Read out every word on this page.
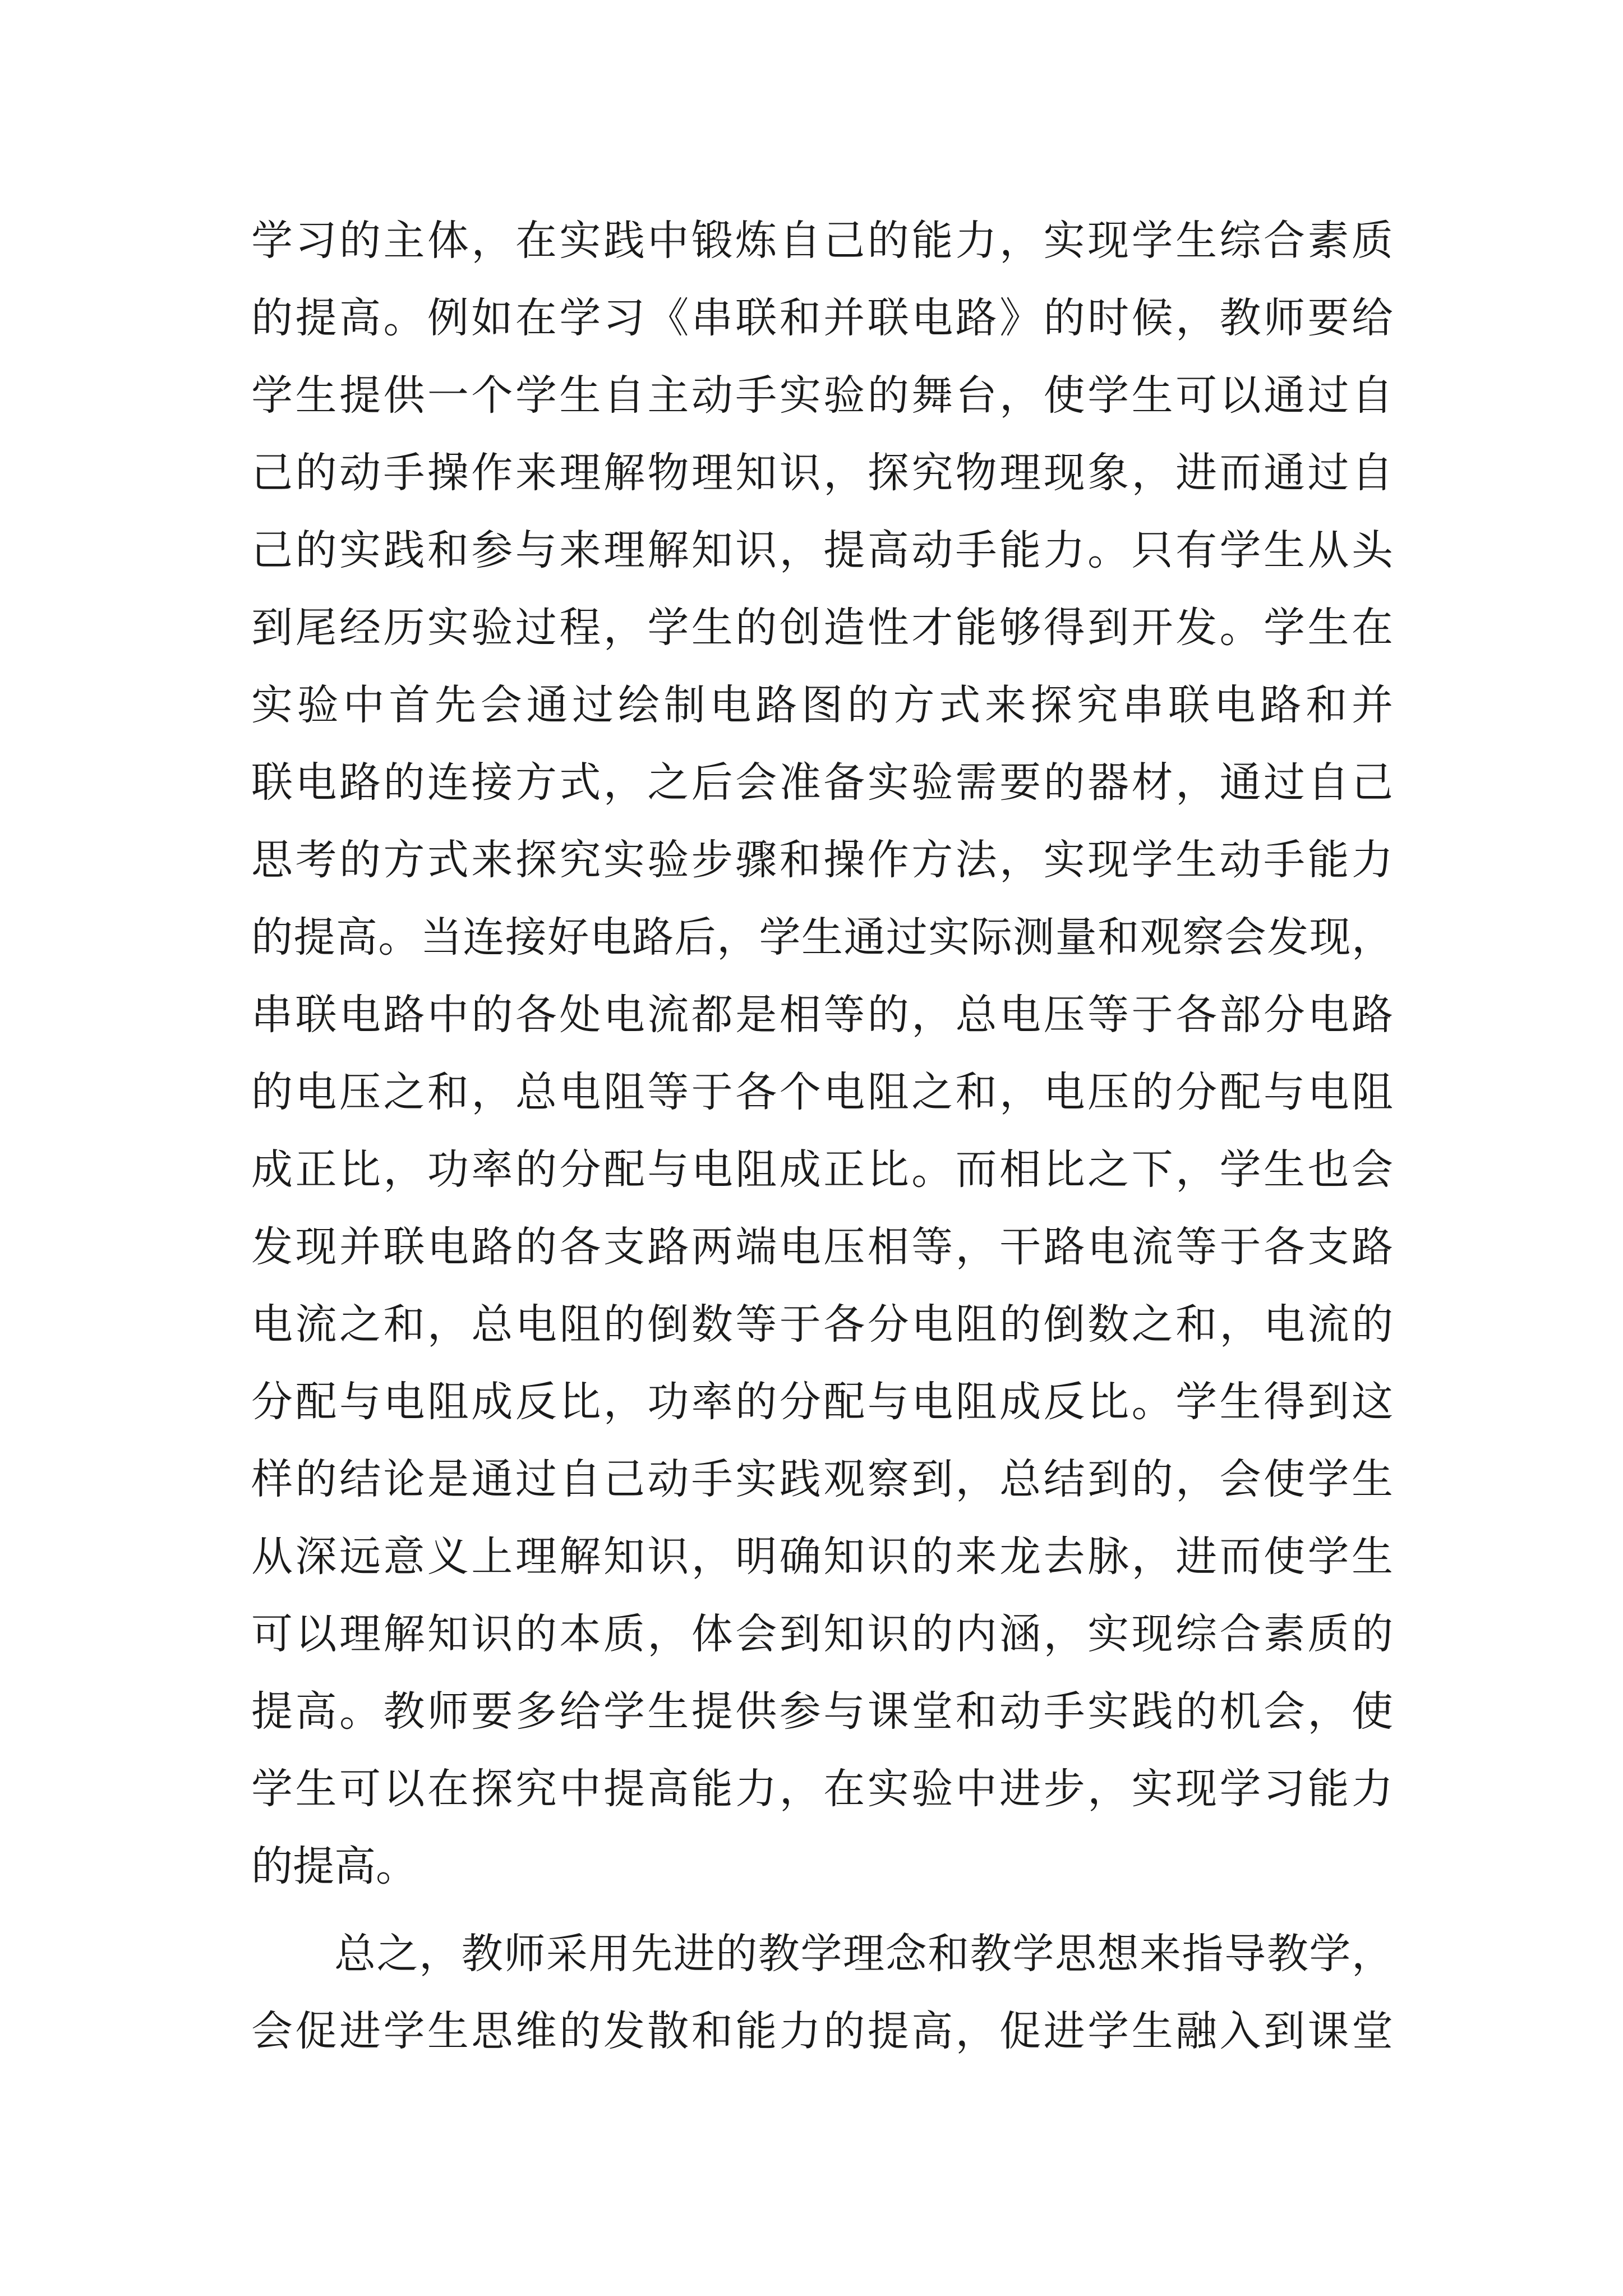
学习的主体，在实践中锻炼自己的能力，实现学生综合素质
的提高。例如在学习《串联和并联电路》的时候，教师要给
学生提供一个学生自主动手实验的舞台，使学生可以通过自
己的动手操作来理解物理知识，探究物理现象，进而通过自
己的实践和参与来理解知识，提高动手能力。只有学生从头
到尾经历实验过程，学生的创造性才能够得到开发。学生在
实验中首先会通过绘制电路图的方式来探究串联电路和并
联电路的连接方式，之后会准备实验需要的器材，通过自己
思考的方式来探究实验步骤和操作方法，实现学生动手能力
的提高。当连接好电路后，学生通过实际测量和观察会发现，
串联电路中的各处电流都是相等的，总电压等于各部分电路
的电压之和，总电阻等于各个电阻之和，电压的分配与电阻
成正比，功率的分配与电阻成正比。而相比之下，学生也会
发现并联电路的各支路两端电压相等，干路电流等于各支路
电流之和，总电阻的倒数等于各分电阻的倒数之和，电流的
分配与电阻成反比，功率的分配与电阻成反比。学生得到这
样的结论是通过自己动手实践观察到，总结到的，会使学生
从深远意义上理解知识，明确知识的来龙去脉，进而使学生
可以理解知识的本质，体会到知识的内涵，实现综合素质的
提高。教师要多给学生提供参与课堂和动手实践的机会，使
学生可以在探究中提高能力，在实验中进步，实现学习能力
的提高。
总之，教师采用先进的教学理念和教学思想来指导教学，
会促进学生思维的发散和能力的提高，促进学生融入到课堂
